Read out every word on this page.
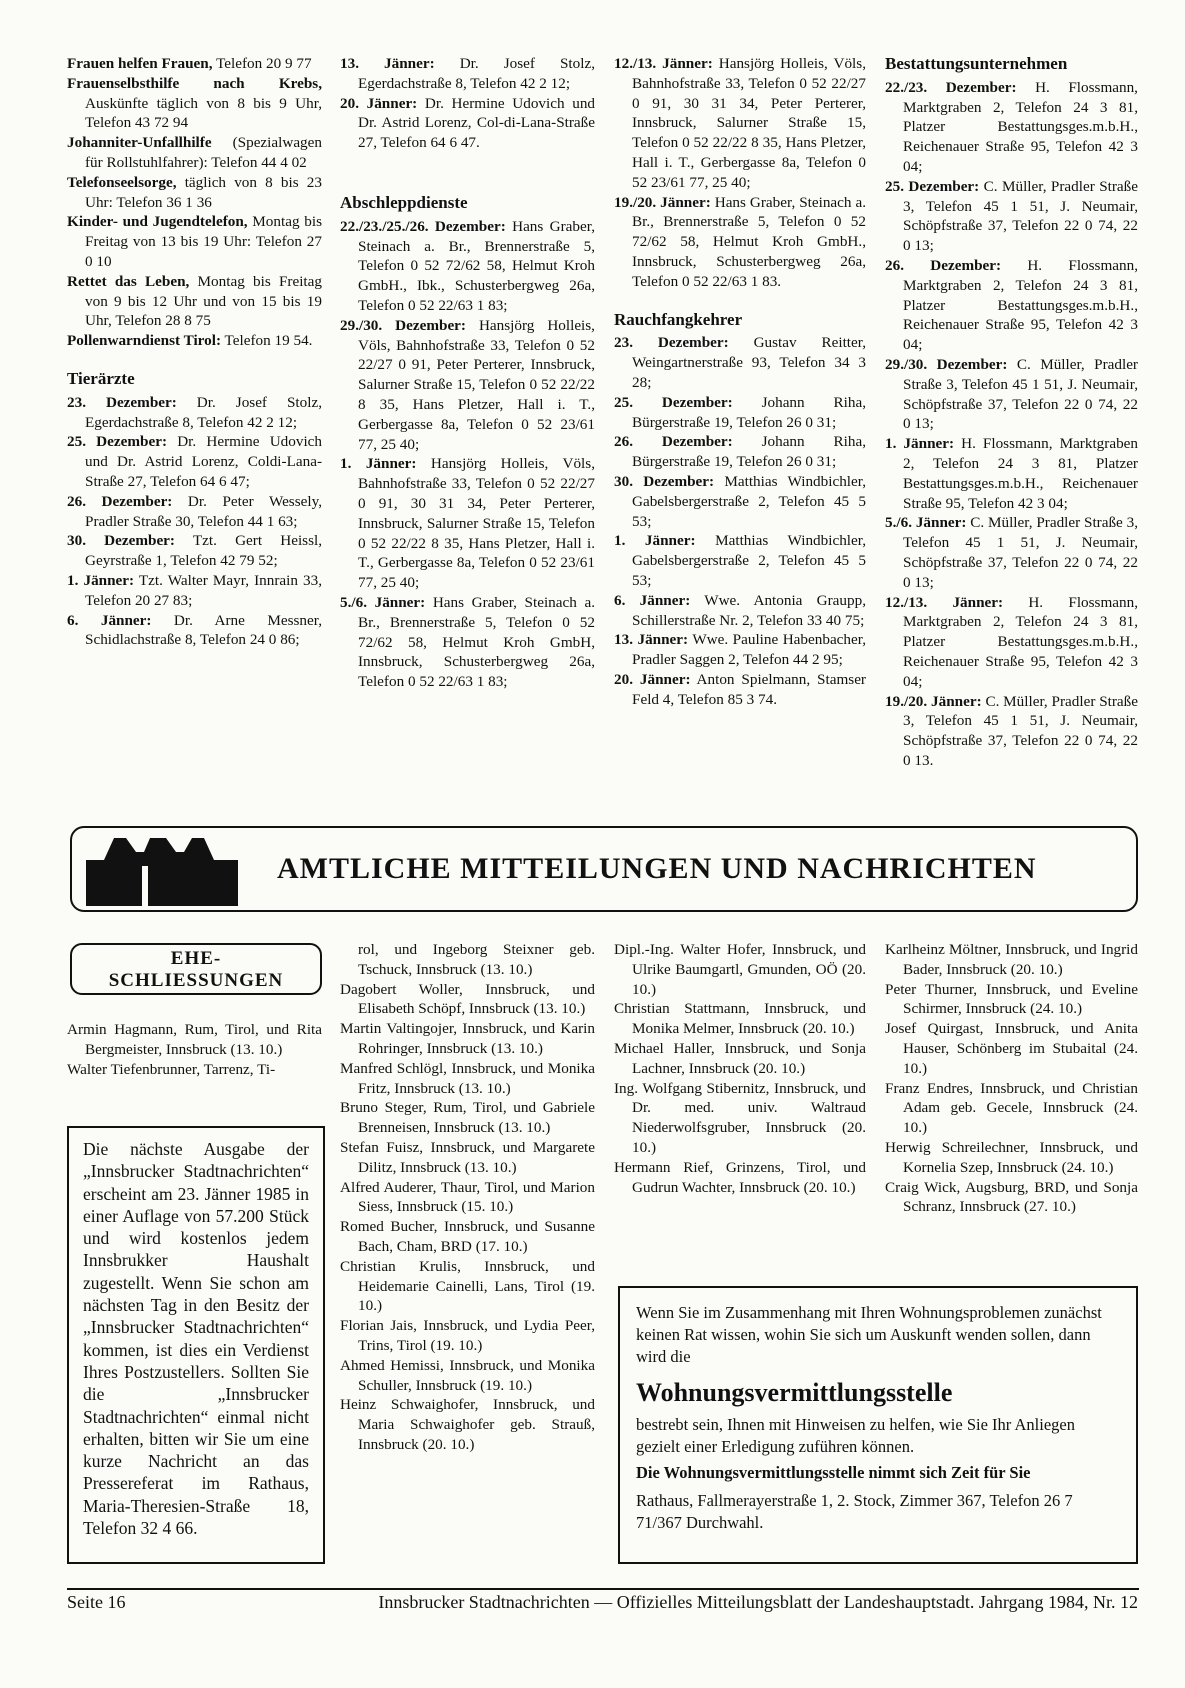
Frauen helfen Frauen, Telefon 20 9 77

Frauenselbsthilfe nach Krebs, Auskünfte täglich von 8 bis 9 Uhr, Telefon 43 72 94

Johanniter-Unfallhilfe (Spezialwagen für Rollstuhlfahrer): Telefon 44 4 02

Telefonseelsorge, täglich von 8 bis 23 Uhr: Telefon 36 1 36

Kinder- und Jugendtelefon, Montag bis Freitag von 13 bis 19 Uhr: Telefon 27 0 10

Rettet das Leben, Montag bis Freitag von 9 bis 12 Uhr und von 15 bis 19 Uhr, Telefon 28 8 75

Pollenwarndienst Tirol: Telefon 19 54.

Tierärzte

23. Dezember: Dr. Josef Stolz, Egerdachstraße 8, Telefon 42 2 12;

25. Dezember: Dr. Hermine Udovich und Dr. Astrid Lorenz, Coldi-Lana-Straße 27, Telefon 64 6 47;

26. Dezember: Dr. Peter Wessely, Pradler Straße 30, Telefon 44 1 63;

30. Dezember: Tzt. Gert Heissl, Geyrstraße 1, Telefon 42 79 52;

1. Jänner: Tzt. Walter Mayr, Innrain 33, Telefon 20 27 83;

6. Jänner: Dr. Arne Messner, Schidlachstraße 8, Telefon 24 0 86;

13. Jänner: Dr. Josef Stolz, Egerdachstraße 8, Telefon 42 2 12;

20. Jänner: Dr. Hermine Udovich und Dr. Astrid Lorenz, Col-di-Lana-Straße 27, Telefon 64 6 47.

Abschleppdienste

22./23./25./26. Dezember: Hans Graber, Steinach a. Br., Brennerstraße 5, Telefon 0 52 72/62 58, Helmut Kroh GmbH., Ibk., Schusterbergweg 26a, Telefon 0 52 22/63 1 83;

29./30. Dezember: Hansjörg Holleis, Völs, Bahnhofstraße 33, Telefon 0 52 22/27 0 91, Peter Perterer, Innsbruck, Salurner Straße 15, Telefon 0 52 22/22 8 35, Hans Pletzer, Hall i. T., Gerbergasse 8a, Telefon 0 52 23/61 77, 25 40;

1. Jänner: Hansjörg Holleis, Völs, Bahnhofstraße 33, Telefon 0 52 22/27 0 91, 30 31 34, Peter Perterer, Innsbruck, Salurner Straße 15, Telefon 0 52 22/22 8 35, Hans Pletzer, Hall i. T., Gerbergasse 8a, Telefon 0 52 23/61 77, 25 40;

5./6. Jänner: Hans Graber, Steinach a. Br., Brennerstraße 5, Telefon 0 52 72/62 58, Helmut Kroh GmbH, Innsbruck, Schusterbergweg 26a, Telefon 0 52 22/63 1 83;

12./13. Jänner: Hansjörg Holleis, Völs, Bahnhofstraße 33, Telefon 0 52 22/27 0 91, 30 31 34, Peter Perterer, Innsbruck, Salurner Straße 15, Telefon 0 52 22/22 8 35, Hans Pletzer, Hall i. T., Gerbergasse 8a, Telefon 0 52 23/61 77, 25 40;

19./20. Jänner: Hans Graber, Steinach a. Br., Brennerstraße 5, Telefon 0 52 72/62 58, Helmut Kroh GmbH., Innsbruck, Schusterbergweg 26a, Telefon 0 52 22/63 1 83.

Rauchfangkehrer

23. Dezember: Gustav Reitter, Weingartnerstraße 93, Telefon 34 3 28;

25. Dezember: Johann Riha, Bürgerstraße 19, Telefon 26 0 31;

26. Dezember: Johann Riha, Bürgerstraße 19, Telefon 26 0 31;

30. Dezember: Matthias Windbichler, Gabelsbergerstraße 2, Telefon 45 5 53;

1. Jänner: Matthias Windbichler, Gabelsbergerstraße 2, Telefon 45 5 53;

6. Jänner: Wwe. Antonia Graupp, Schillerstraße Nr. 2, Telefon 33 40 75;

13. Jänner: Wwe. Pauline Habenbacher, Pradler Saggen 2, Telefon 44 2 95;

20. Jänner: Anton Spielmann, Stamser Feld 4, Telefon 85 3 74.

Bestattungsunternehmen

22./23. Dezember: H. Flossmann, Marktgraben 2, Telefon 24 3 81, Platzer Bestattungsges.m.b.H., Reichenauer Straße 95, Telefon 42 3 04;

25. Dezember: C. Müller, Pradler Straße 3, Telefon 45 1 51, J. Neumair, Schöpfstraße 37, Telefon 22 0 74, 22 0 13;

26. Dezember: H. Flossmann, Marktgraben 2, Telefon 24 3 81, Platzer Bestattungsges.m.b.H., Reichenauer Straße 95, Telefon 42 3 04;

29./30. Dezember: C. Müller, Pradler Straße 3, Telefon 45 1 51, J. Neumair, Schöpfstraße 37, Telefon 22 0 74, 22 0 13;

1. Jänner: H. Flossmann, Marktgraben 2, Telefon 24 3 81, Platzer Bestattungsges.m.b.H., Reichenauer Straße 95, Telefon 42 3 04;

5./6. Jänner: C. Müller, Pradler Straße 3, Telefon 45 1 51, J. Neumair, Schöpfstraße 37, Telefon 22 0 74, 22 0 13;

12./13. Jänner: H. Flossmann, Marktgraben 2, Telefon 24 3 81, Platzer Bestattungsges.m.b.H., Reichenauer Straße 95, Telefon 42 3 04;

19./20. Jänner: C. Müller, Pradler Straße 3, Telefon 45 1 51, J. Neumair, Schöpfstraße 37, Telefon 22 0 74, 22 0 13.

AMTLICHE MITTEILUNGEN UND NACHRICHTEN
EHE-
SCHLIESSUNGEN

Armin Hagmann, Rum, Tirol, und Rita Bergmeister, Innsbruck (13. 10.)

Walter Tiefenbrunner, Tarrenz, Ti-

rol, und Ingeborg Steixner geb. Tschuck, Innsbruck (13. 10.)

Dagobert Woller, Innsbruck, und Elisabeth Schöpf, Innsbruck (13. 10.)

Martin Valtingojer, Innsbruck, und Karin Rohringer, Innsbruck (13. 10.)

Manfred Schlögl, Innsbruck, und Monika Fritz, Innsbruck (13. 10.)

Bruno Steger, Rum, Tirol, und Gabriele Brenneisen, Innsbruck (13. 10.)

Stefan Fuisz, Innsbruck, und Margarete Dilitz, Innsbruck (13. 10.)

Alfred Auderer, Thaur, Tirol, und Marion Siess, Innsbruck (15. 10.)

Romed Bucher, Innsbruck, und Susanne Bach, Cham, BRD (17. 10.)

Christian Krulis, Innsbruck, und Heidemarie Cainelli, Lans, Tirol (19. 10.)

Florian Jais, Innsbruck, und Lydia Peer, Trins, Tirol (19. 10.)

Ahmed Hemissi, Innsbruck, und Monika Schuller, Innsbruck (19. 10.)

Heinz Schwaighofer, Innsbruck, und Maria Schwaighofer geb. Strauß, Innsbruck (20. 10.)

Dipl.-Ing. Walter Hofer, Innsbruck, und Ulrike Baumgartl, Gmunden, OÖ (20. 10.)

Christian Stattmann, Innsbruck, und Monika Melmer, Innsbruck (20. 10.)

Michael Haller, Innsbruck, und Sonja Lachner, Innsbruck (20. 10.)

Ing. Wolfgang Stibernitz, Innsbruck, und Dr. med. univ. Waltraud Niederwolfsgruber, Innsbruck (20. 10.)

Hermann Rief, Grinzens, Tirol, und Gudrun Wachter, Innsbruck (20. 10.)

Karlheinz Möltner, Innsbruck, und Ingrid Bader, Innsbruck (20. 10.)

Peter Thurner, Innsbruck, und Eveline Schirmer, Innsbruck (24. 10.)

Josef Quirgast, Innsbruck, und Anita Hauser, Schönberg im Stubaital (24. 10.)

Franz Endres, Innsbruck, und Christian Adam geb. Gecele, Innsbruck (24. 10.)

Herwig Schreilechner, Innsbruck, und Kornelia Szep, Innsbruck (24. 10.)

Craig Wick, Augsburg, BRD, und Sonja Schranz, Innsbruck (27. 10.)

Die nächste Ausgabe der „Innsbrucker Stadtnachrichten“ erscheint am 23. Jänner 1985 in einer Auflage von 57.200 Stück und wird kostenlos jedem Innsbrukker Haushalt zugestellt. Wenn Sie schon am nächsten Tag in den Besitz der „Innsbrucker Stadtnachrichten“ kommen, ist dies ein Verdienst Ihres Postzustellers. Sollten Sie die „Innsbrucker Stadtnachrichten“ einmal nicht erhalten, bitten wir Sie um eine kurze Nachricht an das Pressereferat im Rathaus, Maria-Theresien-Straße 18, Telefon 32 4 66.
Wenn Sie im Zusammenhang mit Ihren Wohnungsproblemen zunächst keinen Rat wissen, wohin Sie sich um Auskunft wenden sollen, dann wird die
Wohnungsvermittlungsstelle
bestrebt sein, Ihnen mit Hinweisen zu helfen, wie Sie Ihr Anliegen gezielt einer Erledigung zuführen können.
Die Wohnungsvermittlungsstelle nimmt sich Zeit für Sie
Rathaus, Fallmerayerstraße 1, 2. Stock, Zimmer 367, Telefon 26 7 71/367 Durchwahl.
Seite 16	Innsbrucker Stadtnachrichten — Offizielles Mitteilungsblatt der Landeshauptstadt. Jahrgang 1984, Nr. 12
